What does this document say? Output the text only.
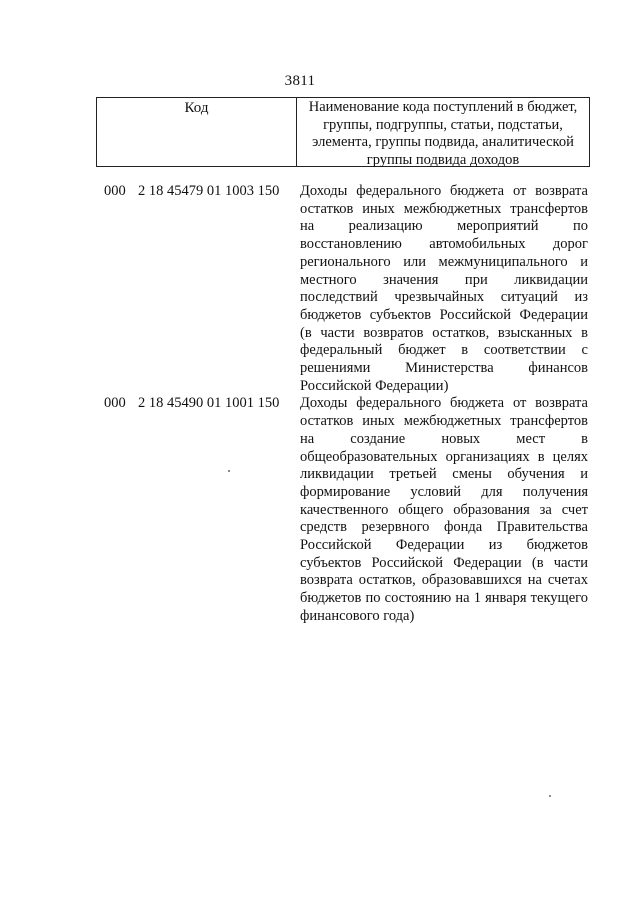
3811
Код	Наименование кода поступлений в бюджет, группы, подгруппы, статьи, подстатьи, элемента, группы подвида, аналитической группы подвида доходов
000 2 18 45479 01 1003 150	Доходы федерального бюджета от возврата остатков иных межбюджетных трансфертов на реализацию мероприятий по восстановлению автомобильных дорог регионального или межмуниципального и местного значения при ликвидации последствий чрезвычайных ситуаций из бюджетов субъектов Российской Федерации (в части возвратов остатков, взысканных в федеральный бюджет в соответствии с решениями Министерства финансов Российской Федерации)
000 2 18 45490 01 1001 150	Доходы федерального бюджета от возврата остатков иных межбюджетных трансфертов на создание новых мест в общеобразовательных организациях в целях ликвидации третьей смены обучения и формирование условий для получения качественного общего образования за счет средств резервного фонда Правительства Российской Федерации из бюджетов субъектов Российской Федерации (в части возврата остатков, образовавшихся на счетах бюджетов по состоянию на 1 января текущего финансового года)
